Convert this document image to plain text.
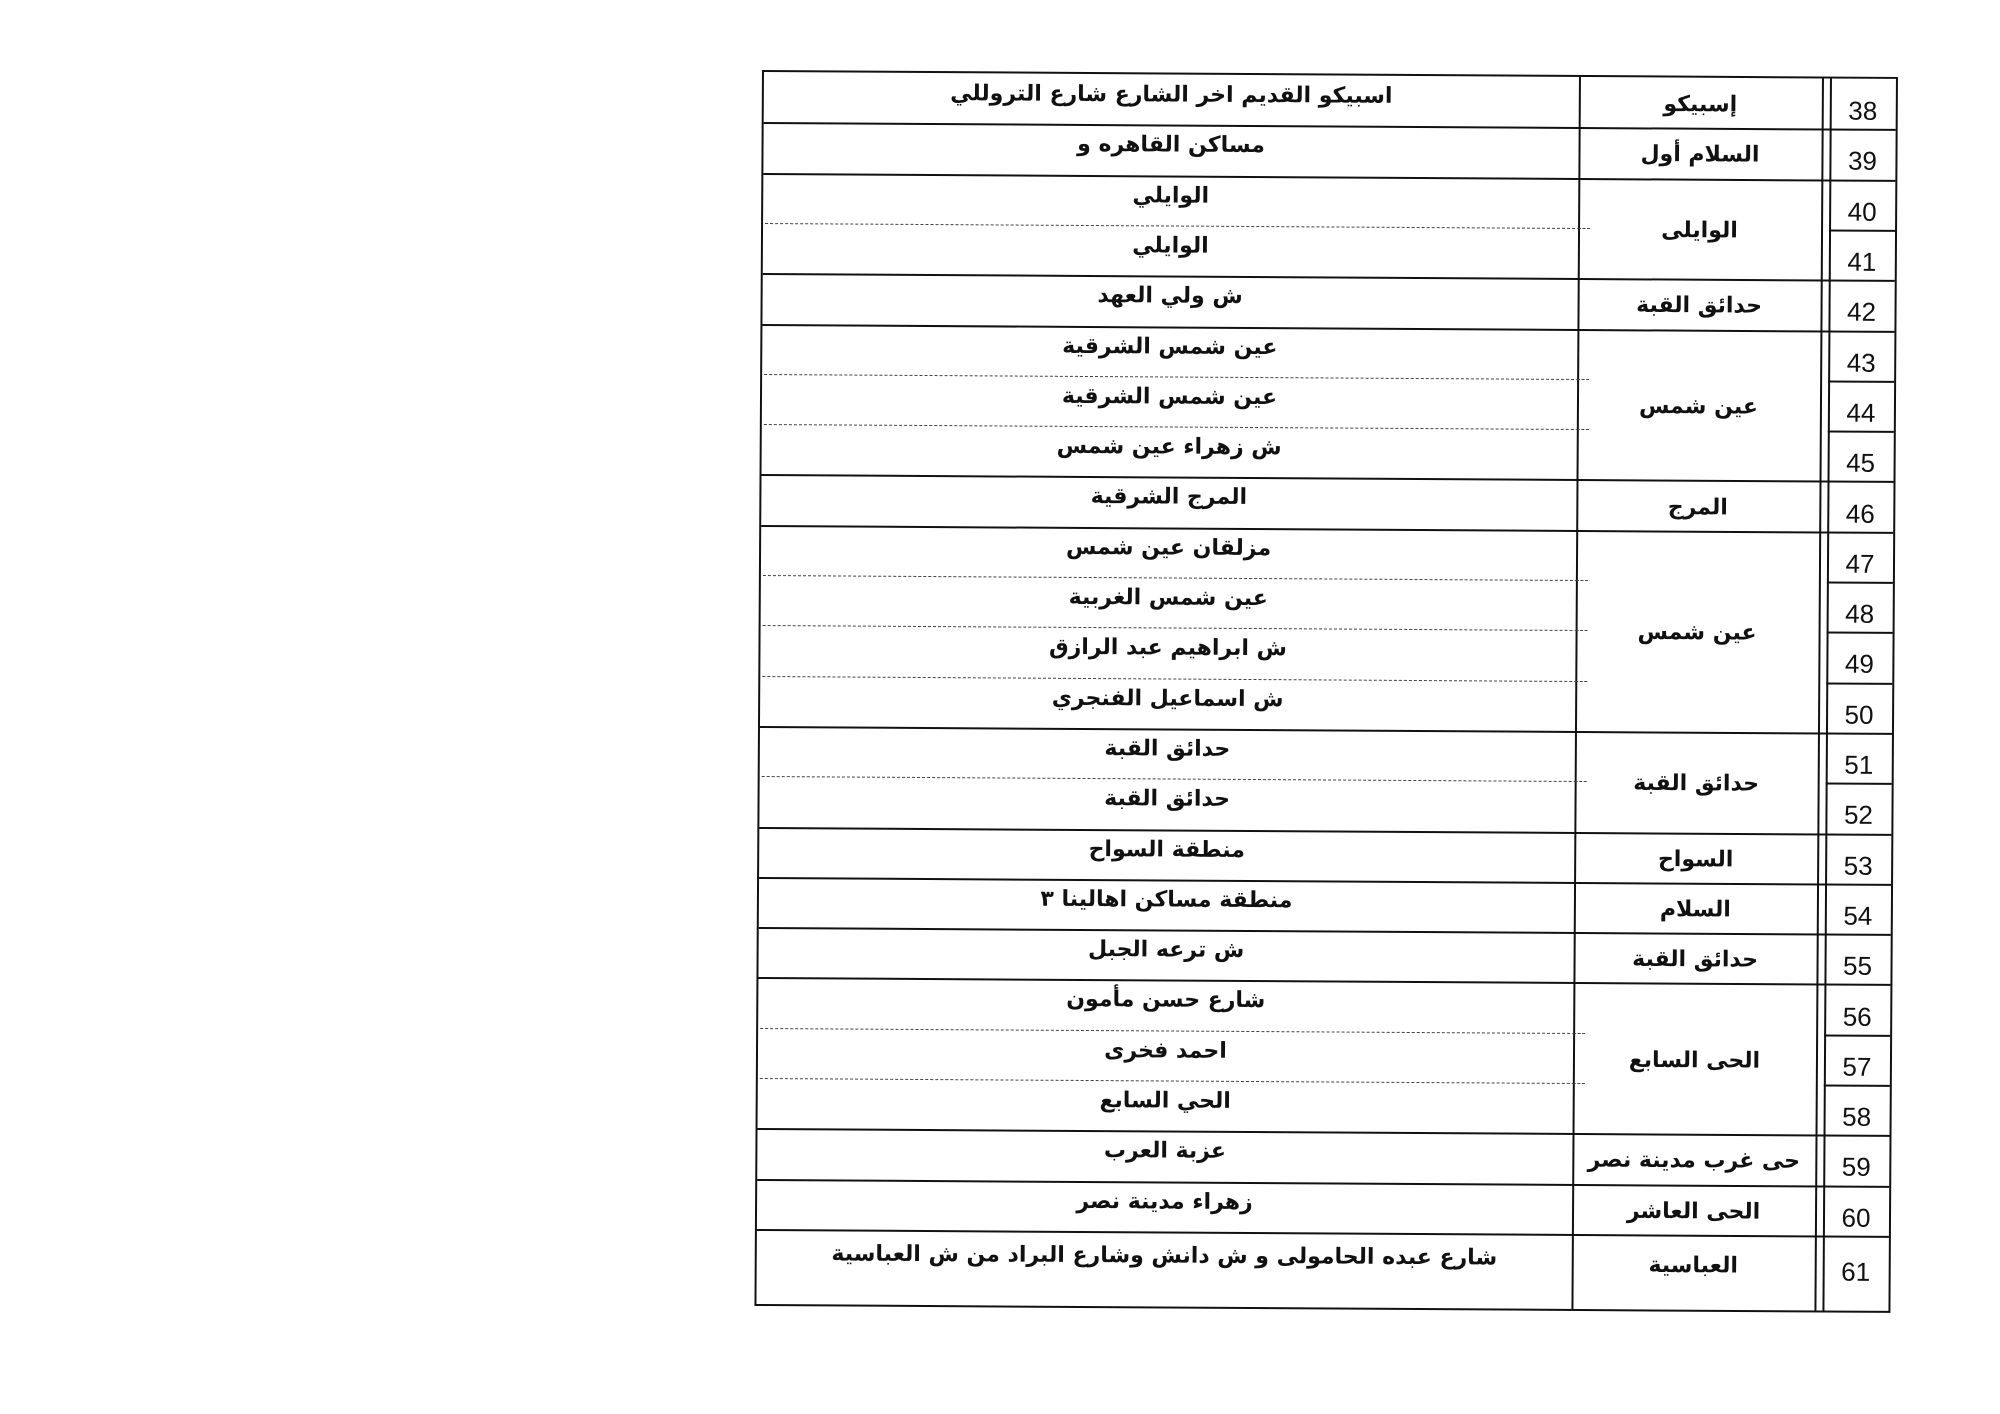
إسبيكو
اسبيكو القديم اخر الشارع شارع التروللي
38
السلام أول
مساكن القاهره و
39
الوايلى
الوايلي
40
الوايلي
41
حدائق القبة
ش ولي العهد
42
عين شمس
عين شمس الشرقية
43
عين شمس الشرقية
44
ش زهراء عين شمس
45
المرج
المرج الشرقية
46
عين شمس
مزلقان عين شمس
47
عين شمس الغربية
48
ش ابراهيم عبد الرازق
49
ش اسماعيل الفنجري
50
حدائق القبة
حدائق القبة
51
حدائق القبة
52
السواح
منطقة السواح
53
السلام
منطقة مساكن اهالينا ٣
54
حدائق القبة
ش ترعه الجبل
55
الحى السابع
شارع حسن مأمون
56
احمد فخرى
57
الحي السابع
58
حى غرب مدينة نصر
عزبة العرب
59
الحى العاشر
زهراء مدينة نصر
60
العباسية
شارع عبده الحامولى و ش دانش وشارع البراد من ش العباسية
61
